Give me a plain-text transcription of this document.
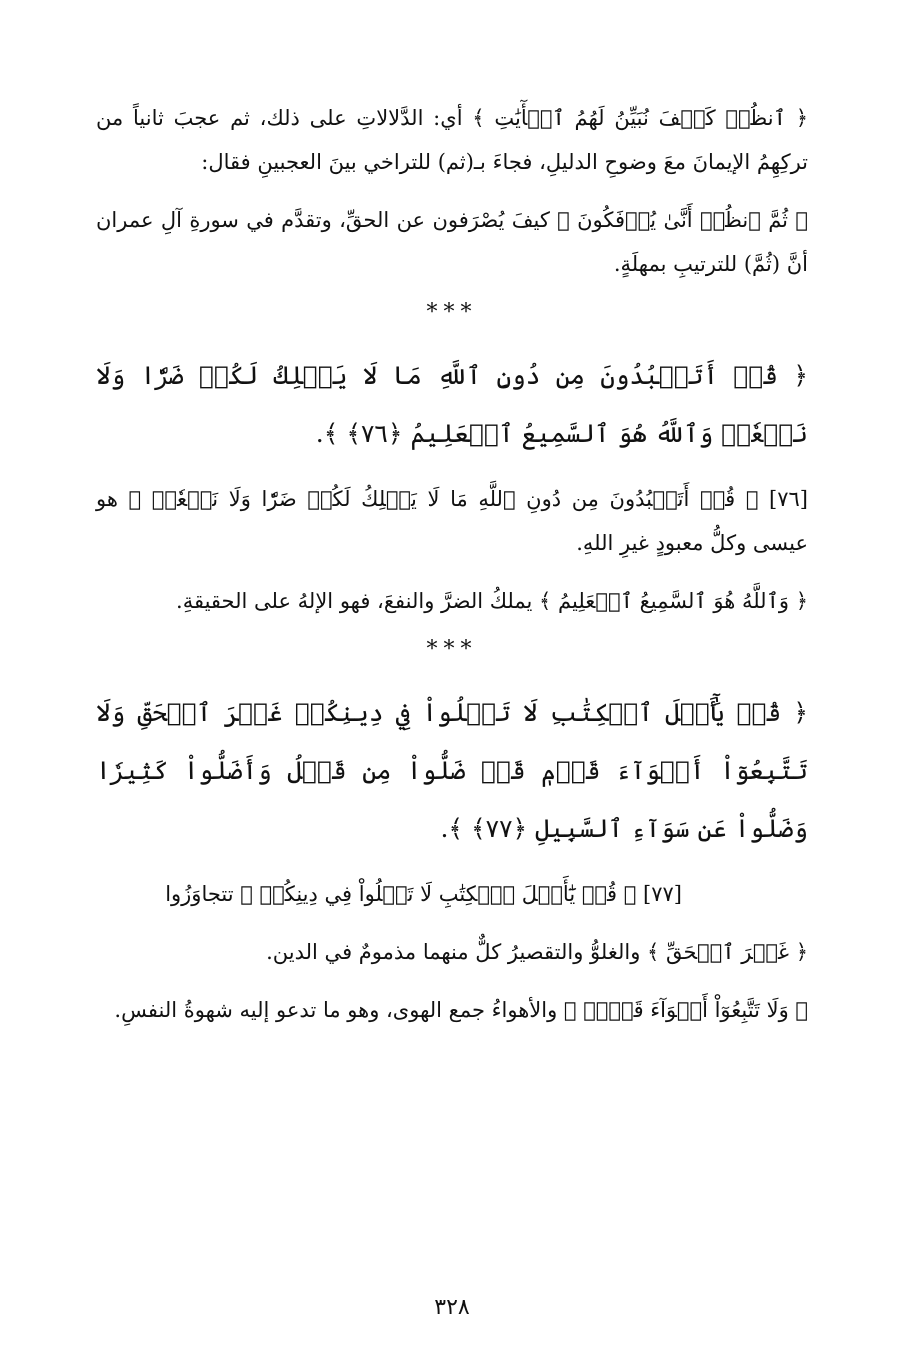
﴿ ٱنظُرۡ كَيۡفَ نُبَيِّنُ لَهُمُ ٱلۡأٓيَٰتِ ﴾ أي: الدَّلالاتِ على ذلك، ثم عجبَ ثانياً من تركِهِمُ الإيمانَ معَ وضوحِ الدليلِ، فجاءَ بـ(ثم) للتراخي بينَ العجبينِ فقال:

﴿ ثُمَّ ٱنظُرۡ أَنَّىٰ يُؤۡفَكُونَ ﴾ كيفَ يُصْرَفون عن الحقِّ، وتقدَّم في سورةِ آلِ عمران أنَّ (ثُمَّ) للترتيبِ بمهلَةٍ.

***

﴿ قُلۡ أَتَعۡبُدُونَ مِن دُونِ ٱللَّهِ مَا لَا يَمۡلِكُ لَكُمۡ ضَرّٗا وَلَا نَفۡعٗاۚ وَٱللَّهُ هُوَ ٱلسَّمِيعُ ٱلۡعَلِيمُ ﴿٧٦﴾ ﴾.

[٧٦] ﴿ قُلۡ أَتَعۡبُدُونَ مِن دُونِ ٱللَّهِ مَا لَا يَمۡلِكُ لَكُمۡ ضَرّٗا وَلَا نَفۡعٗاۚ ﴾ هو عيسى وكلُّ معبودٍ غيرِ اللهِ.

﴿ وَٱللَّهُ هُوَ ٱلسَّمِيعُ ٱلۡعَلِيمُ ﴾ يملكُ الضرَّ والنفعَ، فهو الإلهُ على الحقيقةِ.

***

﴿ قُلۡ يَٰٓأَهۡلَ ٱلۡكِتَٰبِ لَا تَغۡلُواْ فِي دِينِكُمۡ غَيۡرَ ٱلۡحَقِّ وَلَا تَتَّبِعُوٓاْ أَهۡوَآءَ قَوۡمٖ قَدۡ ضَلُّواْ مِن قَبۡلُ وَأَضَلُّواْ كَثِيرٗا وَضَلُّواْ عَن سَوَآءِ ٱلسَّبِيلِ ﴿٧٧﴾ ﴾.

[٧٧] ﴿ قُلۡ يَٰٓأَهۡلَ ٱلۡكِتَٰبِ لَا تَغۡلُواْ فِي دِينِكُمۡ ﴾ تتجاوَزُوا

﴿ غَيۡرَ ٱلۡحَقِّ ﴾ والغلوُّ والتقصيرُ كلٌّ منهما مذمومٌ في الدين.

﴿ وَلَا تَتَّبِعُوٓاْ أَهۡوَآءَ قَوۡمٖ ﴾ والأهواءُ جمع الهوى، وهو ما تدعو إليه شهوةُ النفسِ.

٣٢٨
